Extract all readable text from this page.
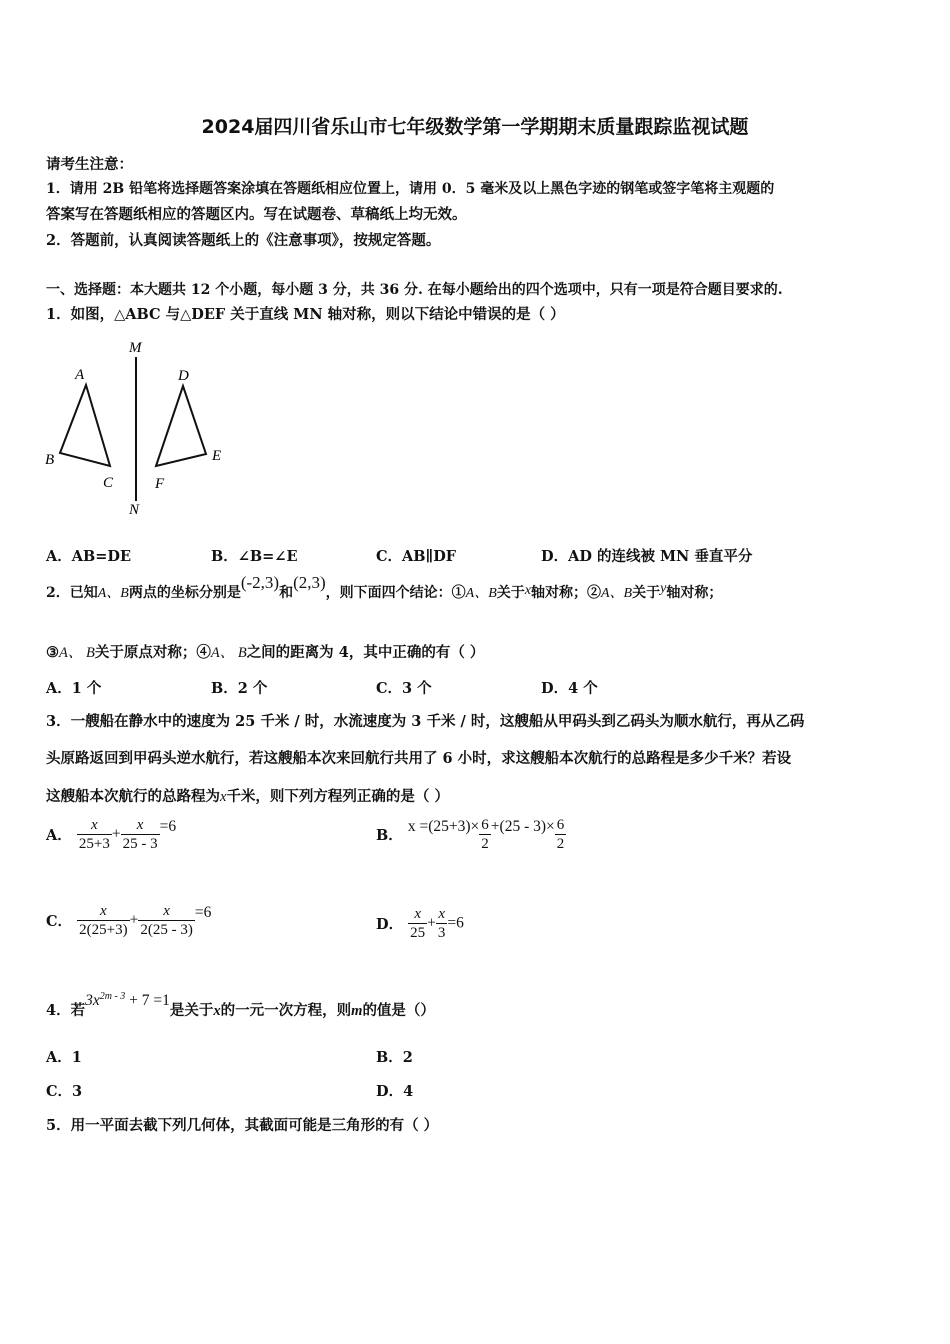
2024届四川省乐山市七年级数学第一学期期末质量跟踪监视试题
请考生注意：
1．请用 2B 铅笔将选择题答案涂填在答题纸相应位置上，请用 0．5 毫米及以上黑色字迹的钢笔或签字笔将主观题的
答案写在答题纸相应的答题区内。写在试题卷、草稿纸上均无效。
2．答题前，认真阅读答题纸上的《注意事项》，按规定答题。
一、选择题：本大题共 12 个小题，每小题 3 分，共 36 分. 在每小题给出的四个选项中，只有一项是符合题目要求的.
1．如图，△ABC 与△DEF 关于直线 MN 轴对称，则以下结论中错误的是（ ）
M
N
A
B
C
D
E
F
A．AB=DE	B．∠B=∠E	C．AB∥DF	D．AD 的连线被 MN 垂直平分
2．已知A、B两点的坐标分别是(-2,3)和(2,3)，则下面四个结论：①A、B关于x轴对称；②A、B关于y轴对称；
③A、 B关于原点对称；④A、 B之间的距离为 4，其中正确的有（ ）
A．1 个	B．2 个	C．3 个	D．4 个
3．一艘船在静水中的速度为 25 千米 / 时，水流速度为 3 千米 / 时，这艘船从甲码头到乙码头为顺水航行，再从乙码
头原路返回到甲码头逆水航行，若这艘船本次来回航行共用了 6 小时，求这艘船本次航行的总路程是多少千米？若设
这艘船本次航行的总路程为x千米，则下列方程列正确的是（ ）
A． $\frac{x}{25+3} + \frac{x}{25 - 3} =6$
B． $x =(25+3)\times \frac{6}{2} +(25 - 3)\times \frac{6}{2}$
C． $\frac{x}{2(25+3)} + \frac{x}{2(25 - 3)} =6$
D． $\frac{x}{25} + \frac{x}{3} =6$
4．若$3x^{2m - 3} + 7 =1$是关于x的一元一次方程，则m的值是（）
A．1	B．2
C．3	D．4
5．用一平面去截下列几何体，其截面可能是三角形的有（ ）
